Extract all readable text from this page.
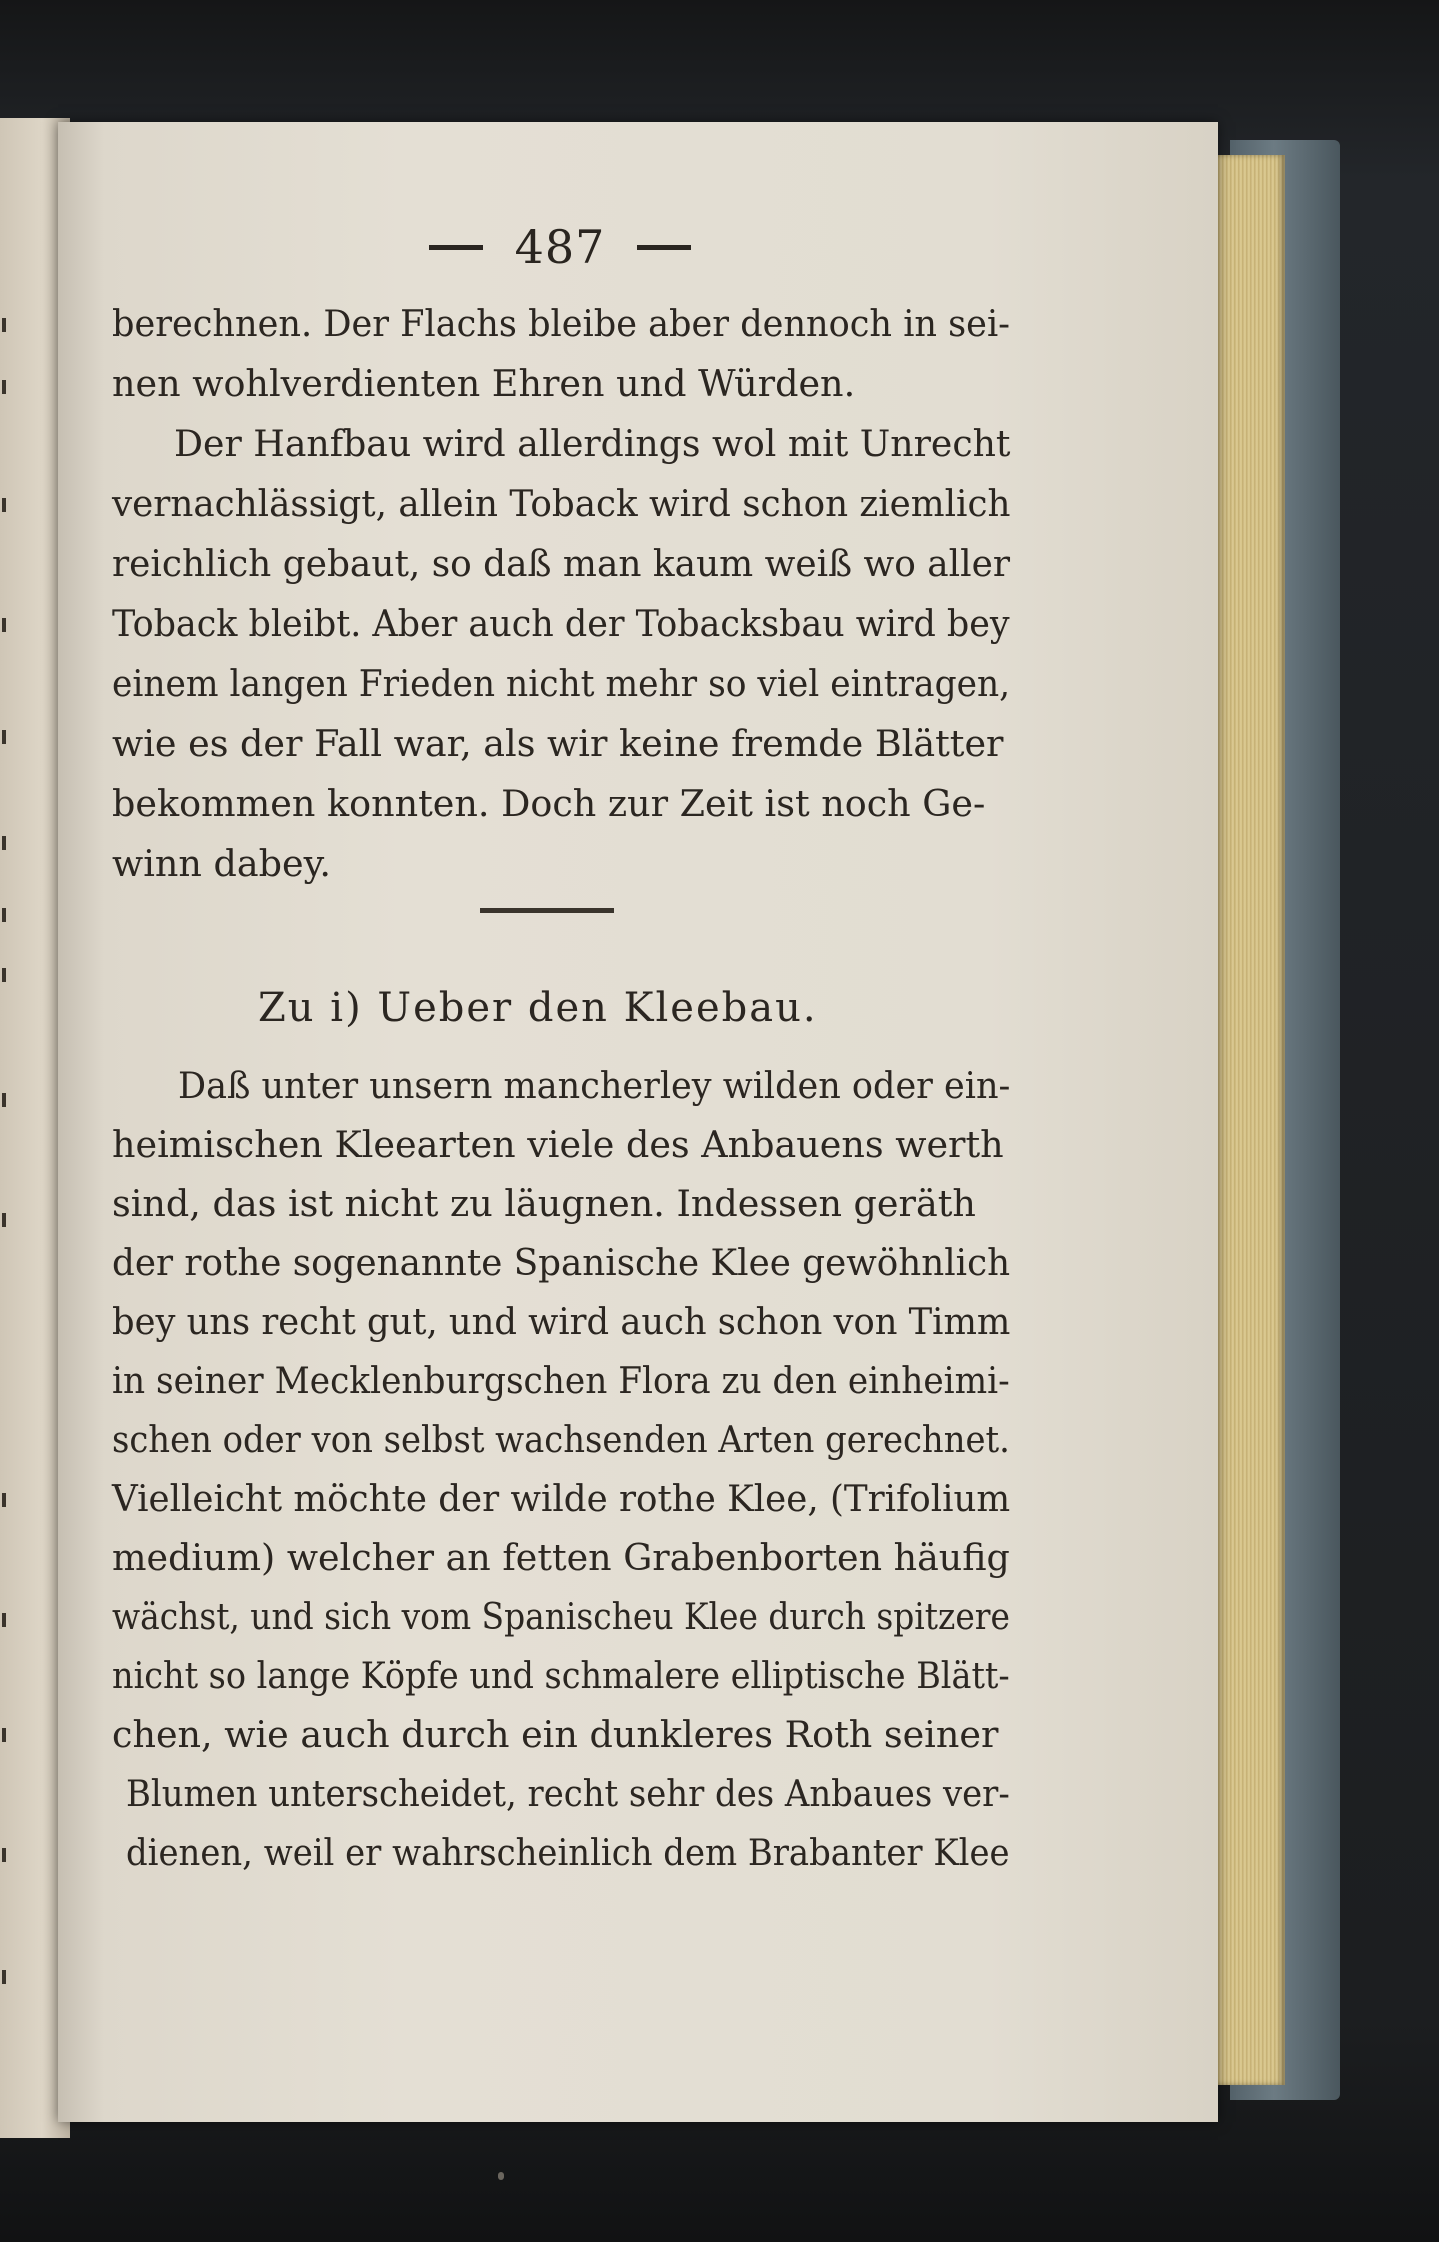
487
berechnen. Der Flachs bleibe aber dennoch in sei-
nen wohlverdienten Ehren und Würden.
Der Hanfbau wird allerdings wol mit Unrecht
vernachlässigt, allein Toback wird schon ziemlich
reichlich gebaut, so daß man kaum weiß wo aller
Toback bleibt. Aber auch der Tobacksbau wird bey
einem langen Frieden nicht mehr so viel eintragen,
wie es der Fall war, als wir keine fremde Blätter
bekommen konnten. Doch zur Zeit ist noch Ge-
winn dabey.
Zu i) Ueber den Kleebau.
Daß unter unsern mancherley wilden oder ein-
heimischen Kleearten viele des Anbauens werth
sind, das ist nicht zu läugnen. Indessen geräth
der rothe sogenannte Spanische Klee gewöhnlich
bey uns recht gut, und wird auch schon von Timm
in seiner Mecklenburgschen Flora zu den einheimi-
schen oder von selbst wachsenden Arten gerechnet.
Vielleicht möchte der wilde rothe Klee, (Trifolium
medium) welcher an fetten Grabenborten häufig
wächst, und sich vom Spanischeu Klee durch spitzere
nicht so lange Köpfe und schmalere elliptische Blätt-
chen, wie auch durch ein dunkleres Roth seiner
Blumen unterscheidet, recht sehr des Anbaues ver-
dienen, weil er wahrscheinlich dem Brabanter Klee
